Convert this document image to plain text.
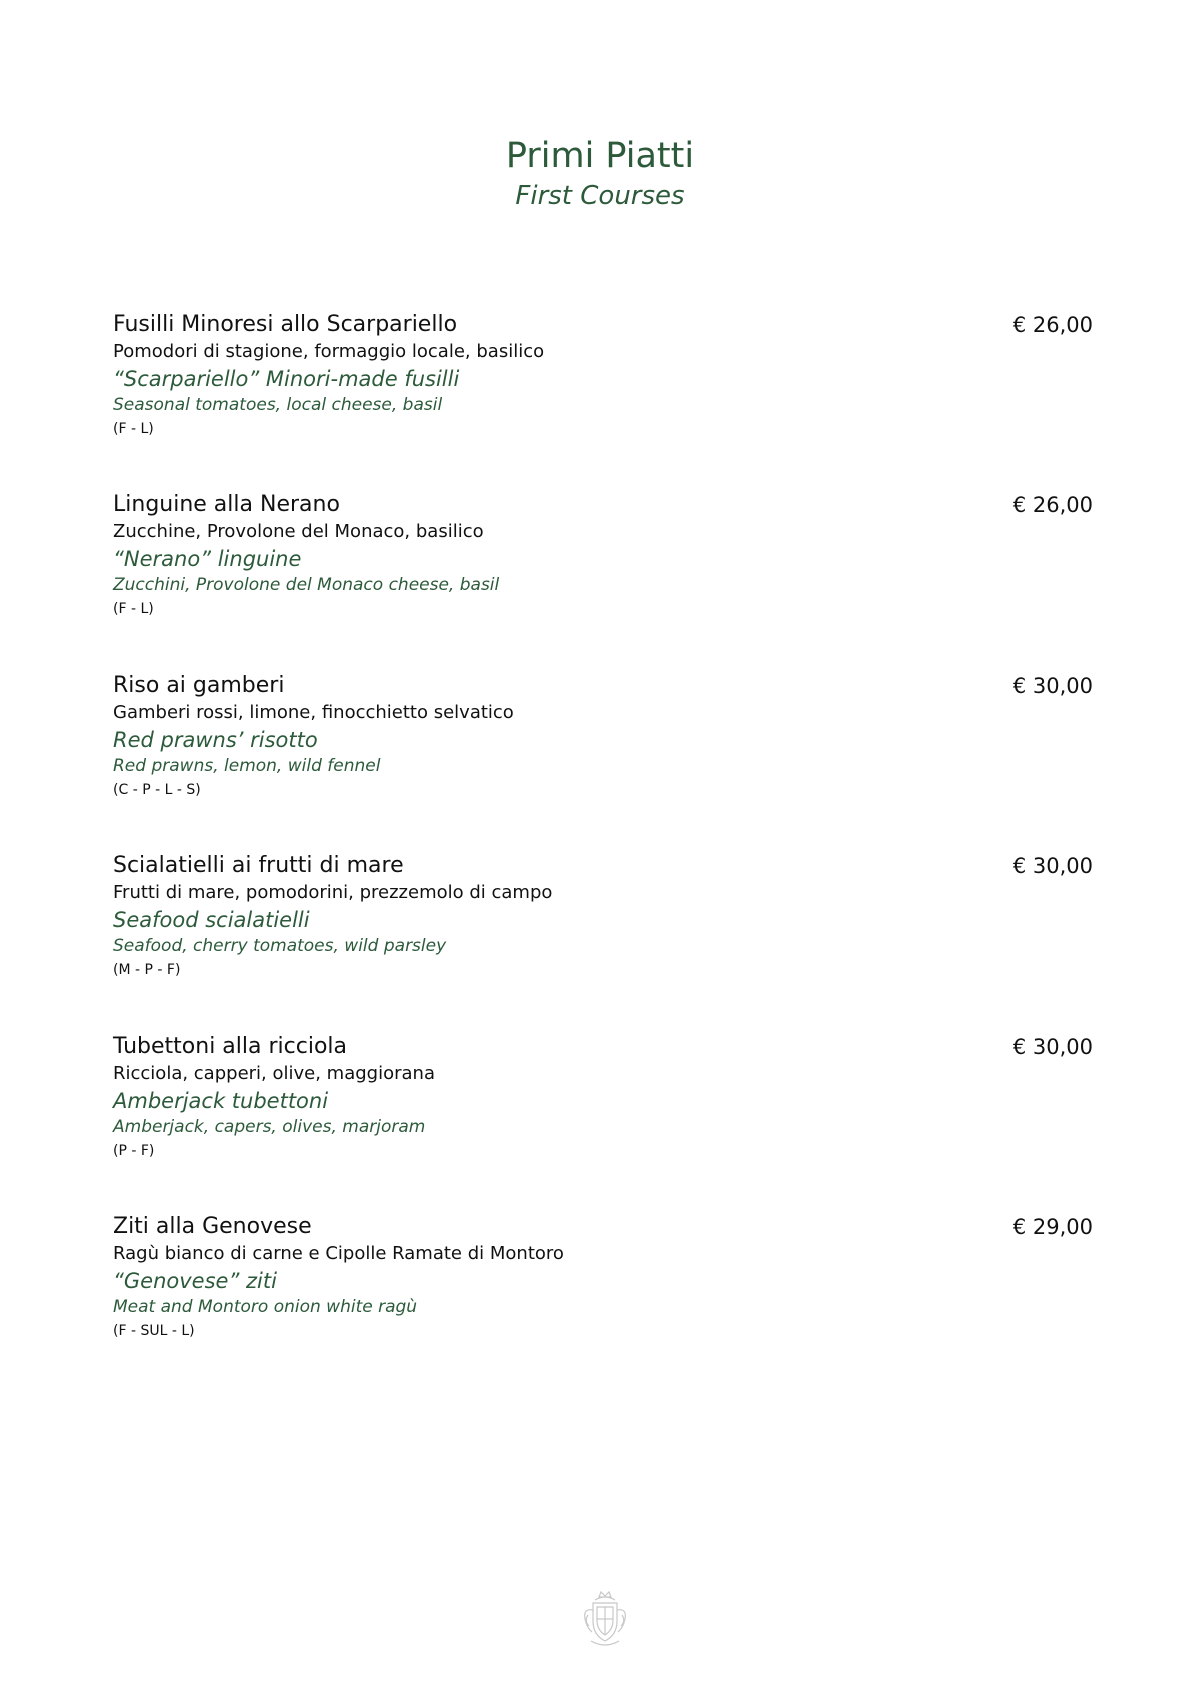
Primi Piatti
First Courses
Fusilli Minoresi allo Scarpariello
Pomodori di stagione, formaggio locale, basilico
“Scarpariello” Minori-made fusilli
Seasonal tomatoes, local cheese, basil
(F - L)
€ 26,00
Linguine alla Nerano
Zucchine, Provolone del Monaco, basilico
“Nerano” linguine
Zucchini, Provolone del Monaco cheese, basil
(F - L)
€ 26,00
Riso ai gamberi
Gamberi rossi, limone, finocchietto selvatico
Red prawns’ risotto
Red prawns, lemon, wild fennel
(C - P - L - S)
€ 30,00
Scialatielli ai frutti di mare
Frutti di mare, pomodorini, prezzemolo di campo
Seafood scialatielli
Seafood, cherry tomatoes, wild parsley
(M - P - F)
€ 30,00
Tubettoni alla ricciola
Ricciola, capperi, olive, maggiorana
Amberjack tubettoni
Amberjack, capers, olives, marjoram
(P - F)
€ 30,00
Ziti alla Genovese
Ragù bianco di carne e Cipolle Ramate di Montoro
“Genovese” ziti
Meat and Montoro onion white ragù
(F - SUL - L)
€ 29,00
